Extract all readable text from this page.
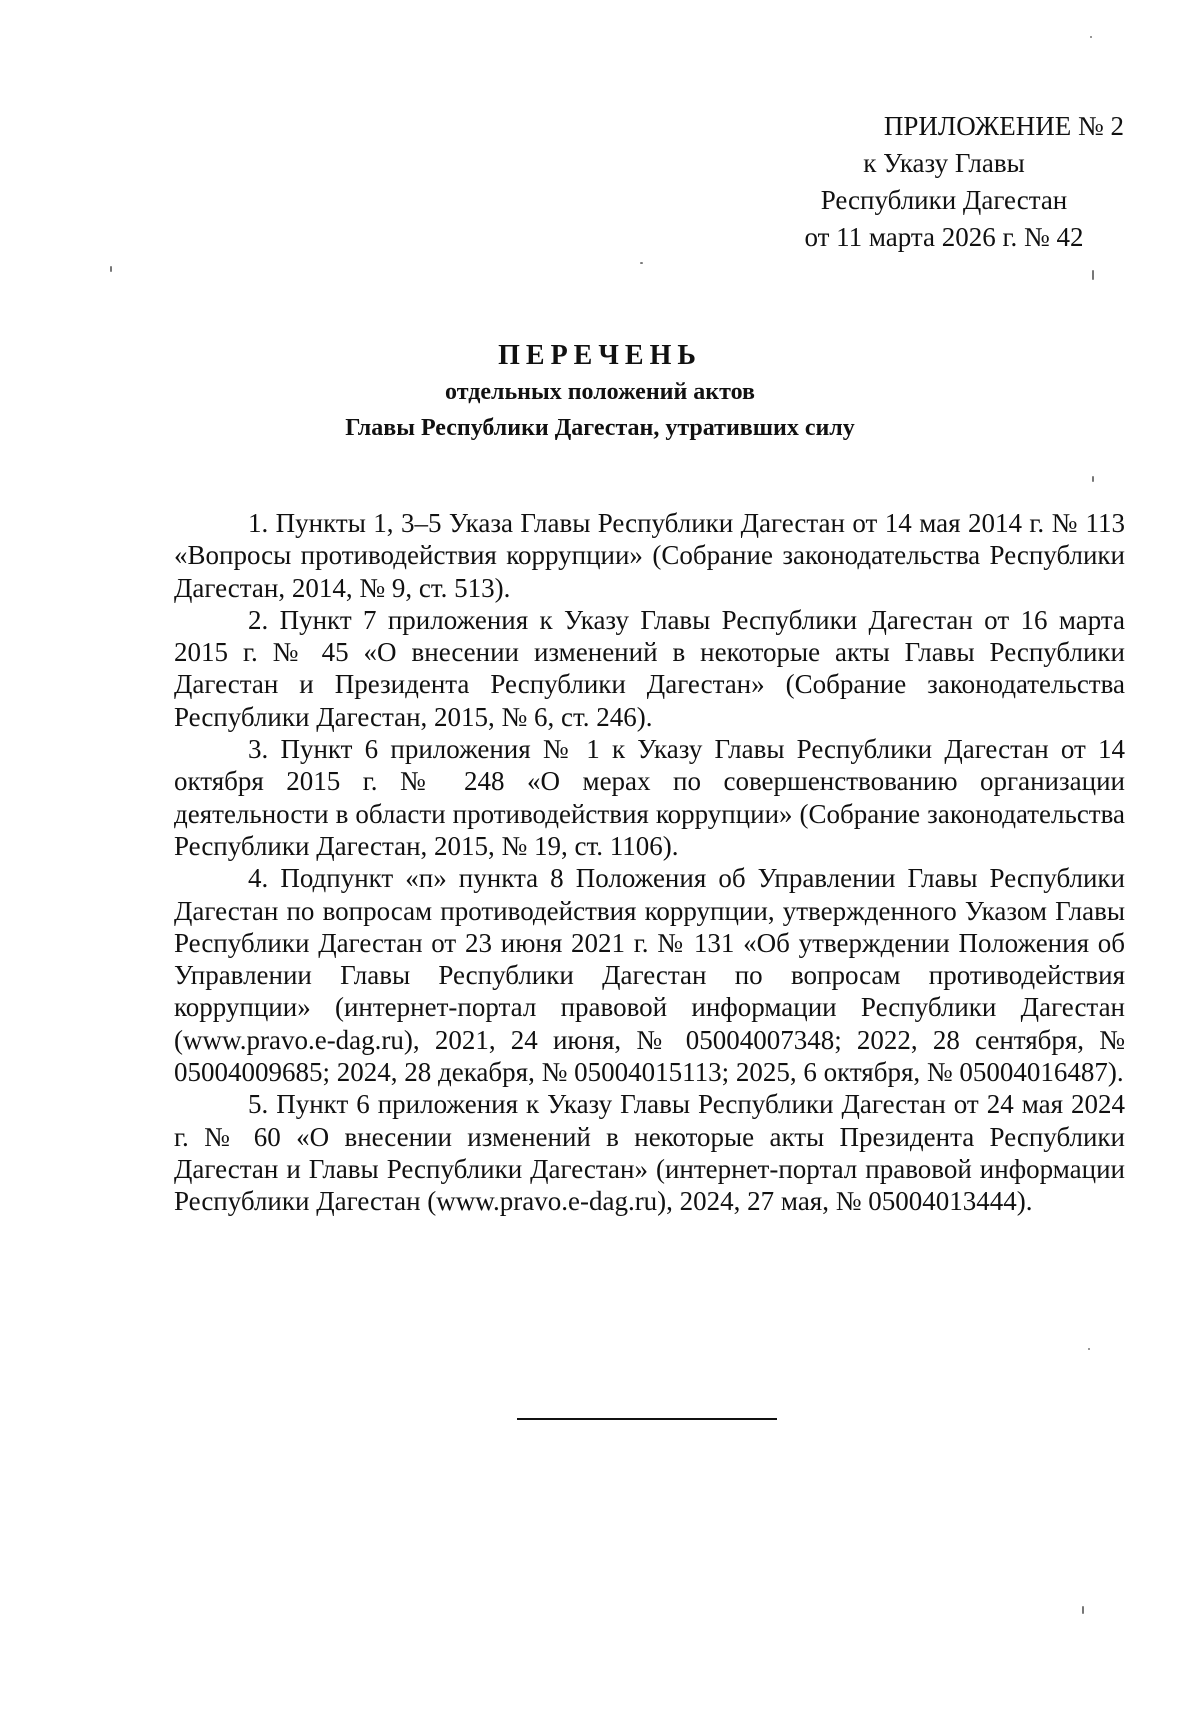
ПРИЛОЖЕНИЕ № 2
к Указу Главы
Республики Дагестан
от 11 марта 2026 г. № 42
ПЕРЕЧЕНЬ
отдельных положений актов
Главы Республики Дагестан, утративших силу

1. Пункты 1, 3–5 Указа Главы Республики Дагестан от 14 мая 2014 г. № 113 «Вопросы противодействия коррупции» (Собрание законодательства Республики Дагестан, 2014, № 9, ст. 513).

2. Пункт 7 приложения к Указу Главы Республики Дагестан от 16 марта 2015 г. № 45 «О внесении изменений в некоторые акты Главы Республики Дагестан и Президента Республики Дагестан» (Собрание законодательства Республики Дагестан, 2015, № 6, ст. 246).

3. Пункт 6 приложения № 1 к Указу Главы Республики Дагестан от 14 октября 2015 г. № 248 «О мерах по совершенствованию организации деятельности в области противодействия коррупции» (Собрание законодательства Республики Дагестан, 2015, № 19, ст. 1106).

4. Подпункт «п» пункта 8 Положения об Управлении Главы Республики Дагестан по вопросам противодействия коррупции, утвержденного Указом Главы Республики Дагестан от 23 июня 2021 г. № 131 «Об утверждении Положения об Управлении Главы Республики Дагестан по вопросам противодействия коррупции» (интернет-портал правовой информации Республики Дагестан (www.pravo.e-dag.ru), 2021, 24 июня, № 05004007348; 2022, 28 сентября, № 05004009685; 2024, 28 декабря, № 05004015113; 2025, 6 октября, № 05004016487).

5. Пункт 6 приложения к Указу Главы Республики Дагестан от 24 мая 2024 г. № 60 «О внесении изменений в некоторые акты Президента Республики Дагестан и Главы Республики Дагестан» (интернет-портал правовой информации Республики Дагестан (www.pravo.e-dag.ru), 2024, 27 мая, № 05004013444).
